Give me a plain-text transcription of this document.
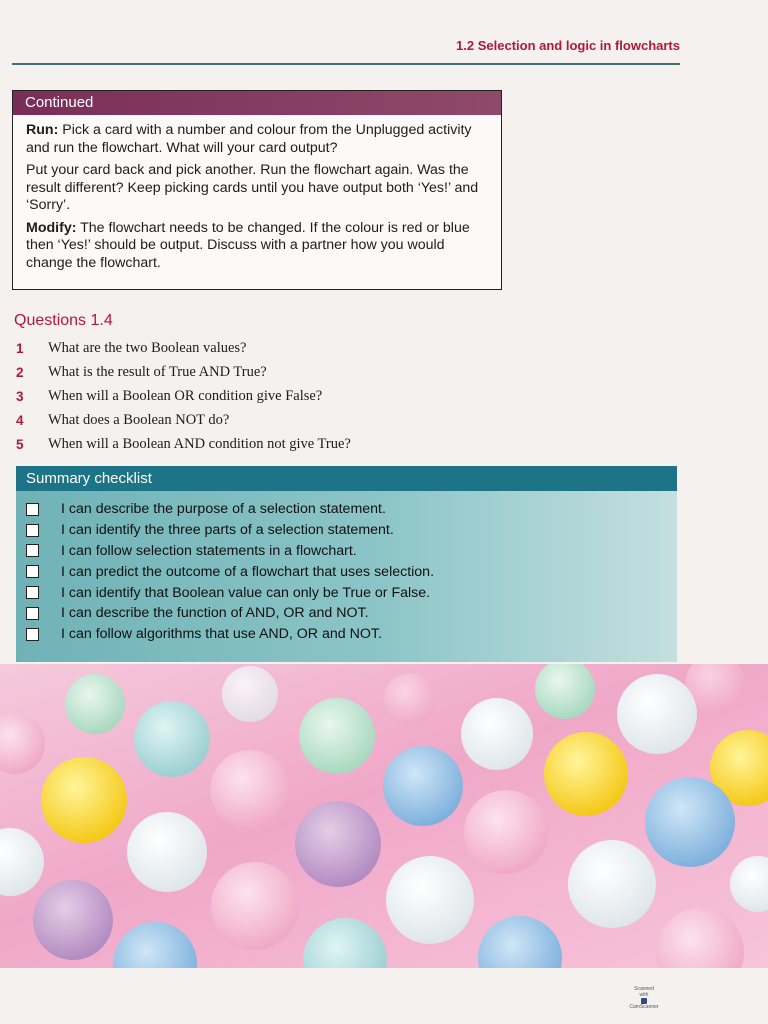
1.2 Selection and logic in flowcharts
Continued

Run: Pick a card with a number and colour from the Unplugged activity and run the flowchart. What will your card output?

Put your card back and pick another. Run the flowchart again. Was the result different? Keep picking cards until you have output both ‘Yes!’ and ‘Sorry’.

Modify: The flowchart needs to be changed. If the colour is red or blue then ‘Yes!’ should be output. Discuss with a partner how you would change the flowchart.

Questions 1.4
1	What are the two Boolean values?
2	What is the result of True AND True?
3	When will a Boolean OR condition give False?
4	What does a Boolean NOT do?
5	When will a Boolean AND condition not give True?
Summary checklist
I can describe the purpose of a selection statement.
I can identify the three parts of a selection statement.
I can follow selection statements in a flowchart.
I can predict the outcome of a flowchart that uses selection.
I can identify that Boolean value can only be True or False.
I can describe the function of AND, OR and NOT.
I can follow algorithms that use AND, OR and NOT.
Scanned with
CamScanner
